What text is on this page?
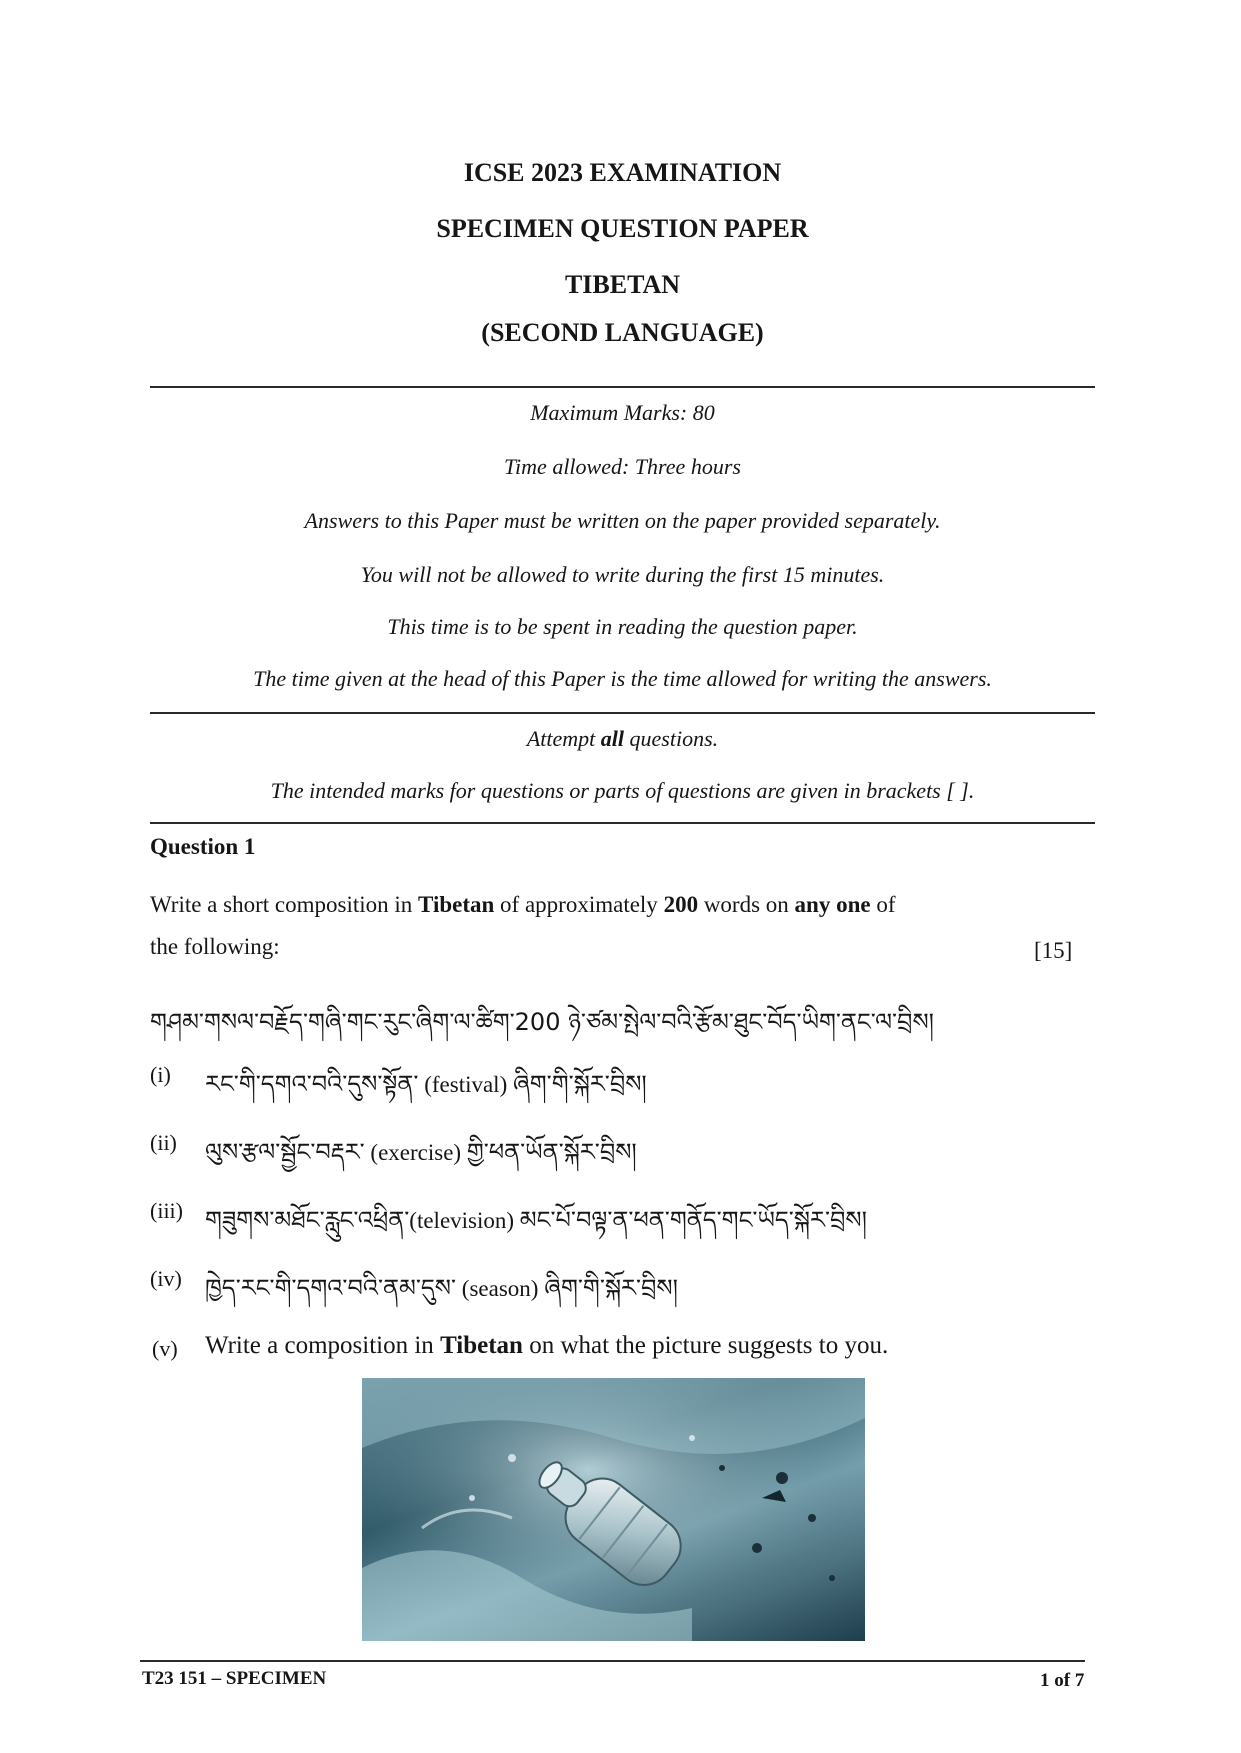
ICSE 2023 EXAMINATION
SPECIMEN QUESTION PAPER
TIBETAN
(SECOND LANGUAGE)
Maximum Marks: 80
Time allowed: Three hours
Answers to this Paper must be written on the paper provided separately.
You will not be allowed to write during the first 15 minutes.
This time is to be spent in reading the question paper.
The time given at the head of this Paper is the time allowed for writing the answers.
Attempt all questions.
The intended marks for questions or parts of questions are given in brackets [ ].
Question 1
Write a short composition in Tibetan of approximately 200 words on any one of
the following:	[15]
གཤམ་གསལ་བརྗོད་གཞི་གང་རུང་ཞིག་ལ་ཚིག་200 ཉེ་ཙམ་སྤེལ་བའི་རྩོམ་ཐུང་བོད་ཡིག་ནང་ལ་བྲིས།
(i) རང་གི་དགའ་བའི་དུས་སྟོན་ (festival) ཞིག་གི་སྐོར་བྲིས།
(ii) ལུས་རྩལ་སྦྱོང་བརྡར་ (exercise) གྱི་ཕན་ཡོན་སྐོར་བྲིས།
(iii) གཟུགས་མཐོང་རླུང་འཕྲིན་(television) མང་པོ་བལྟ་ན་ཕན་གནོད་གང་ཡོད་སྐོར་བྲིས།
(iv) ཁྱེད་རང་གི་དགའ་བའི་ནམ་དུས་ (season) ཞིག་གི་སྐོར་བྲིས།
(v) Write a composition in Tibetan on what the picture suggests to you.
T23 151 – SPECIMEN	1 of 7
